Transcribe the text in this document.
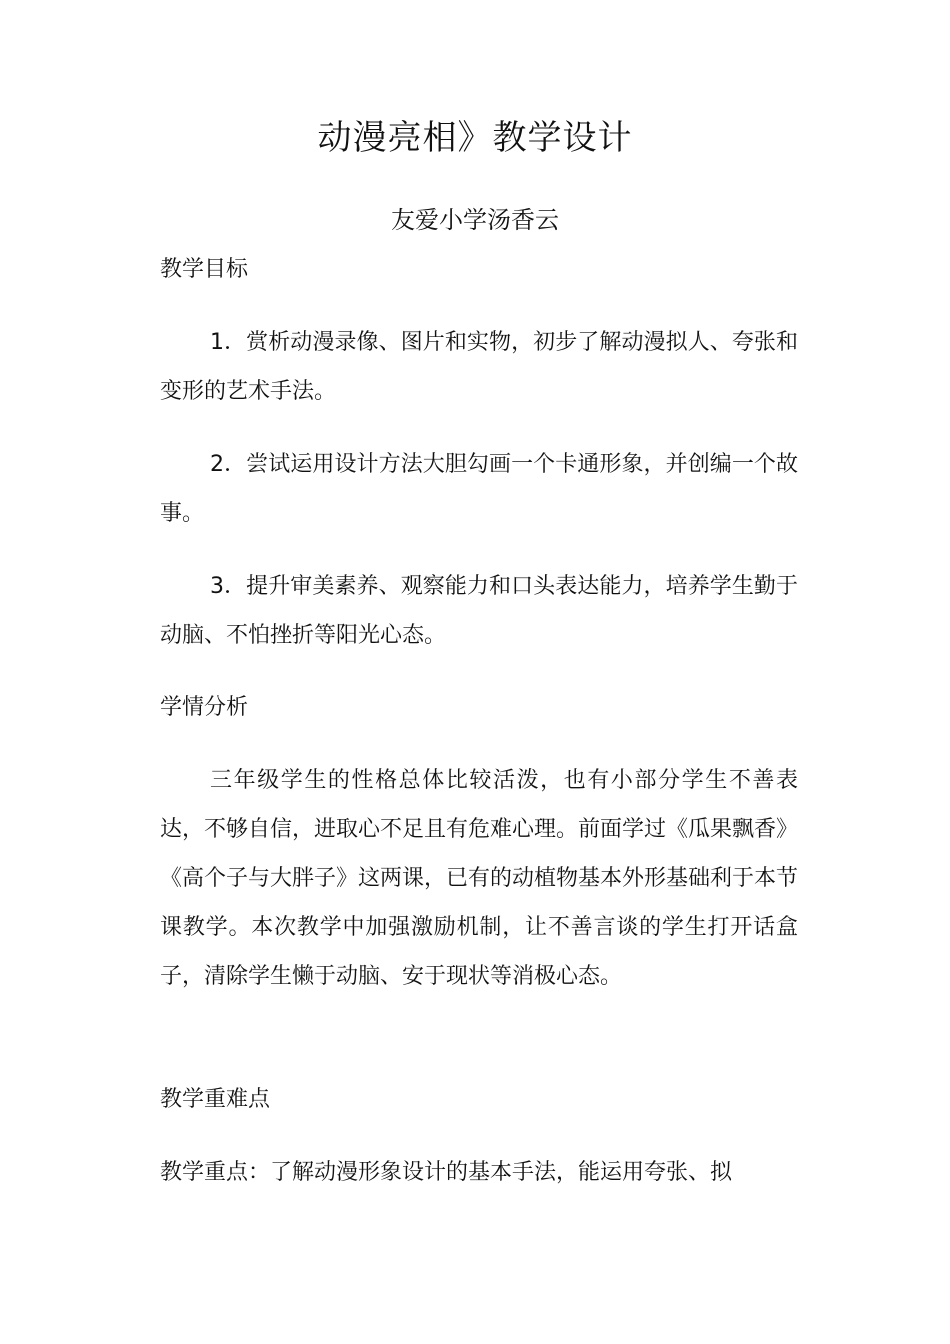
动漫亮相》教学设计
友爱小学汤香云
教学目标

1．赏析动漫录像、图片和实物，初步了解动漫拟人、夸张和变形的艺术手法。

2．尝试运用设计方法大胆勾画一个卡通形象，并创编一个故事。

3．提升审美素养、观察能力和口头表达能力，培养学生勤于动脑、不怕挫折等阳光心态。

学情分析

三年级学生的性格总体比较活泼，也有小部分学生不善表达，不够自信，进取心不足且有危难心理。前面学过《瓜果飘香》《高个子与大胖子》这两课，已有的动植物基本外形基础利于本节课教学。本次教学中加强激励机制，让不善言谈的学生打开话盒子，清除学生懒于动脑、安于现状等消极心态。

教学重难点

教学重点：了解动漫形象设计的基本手法，能运用夸张、拟
